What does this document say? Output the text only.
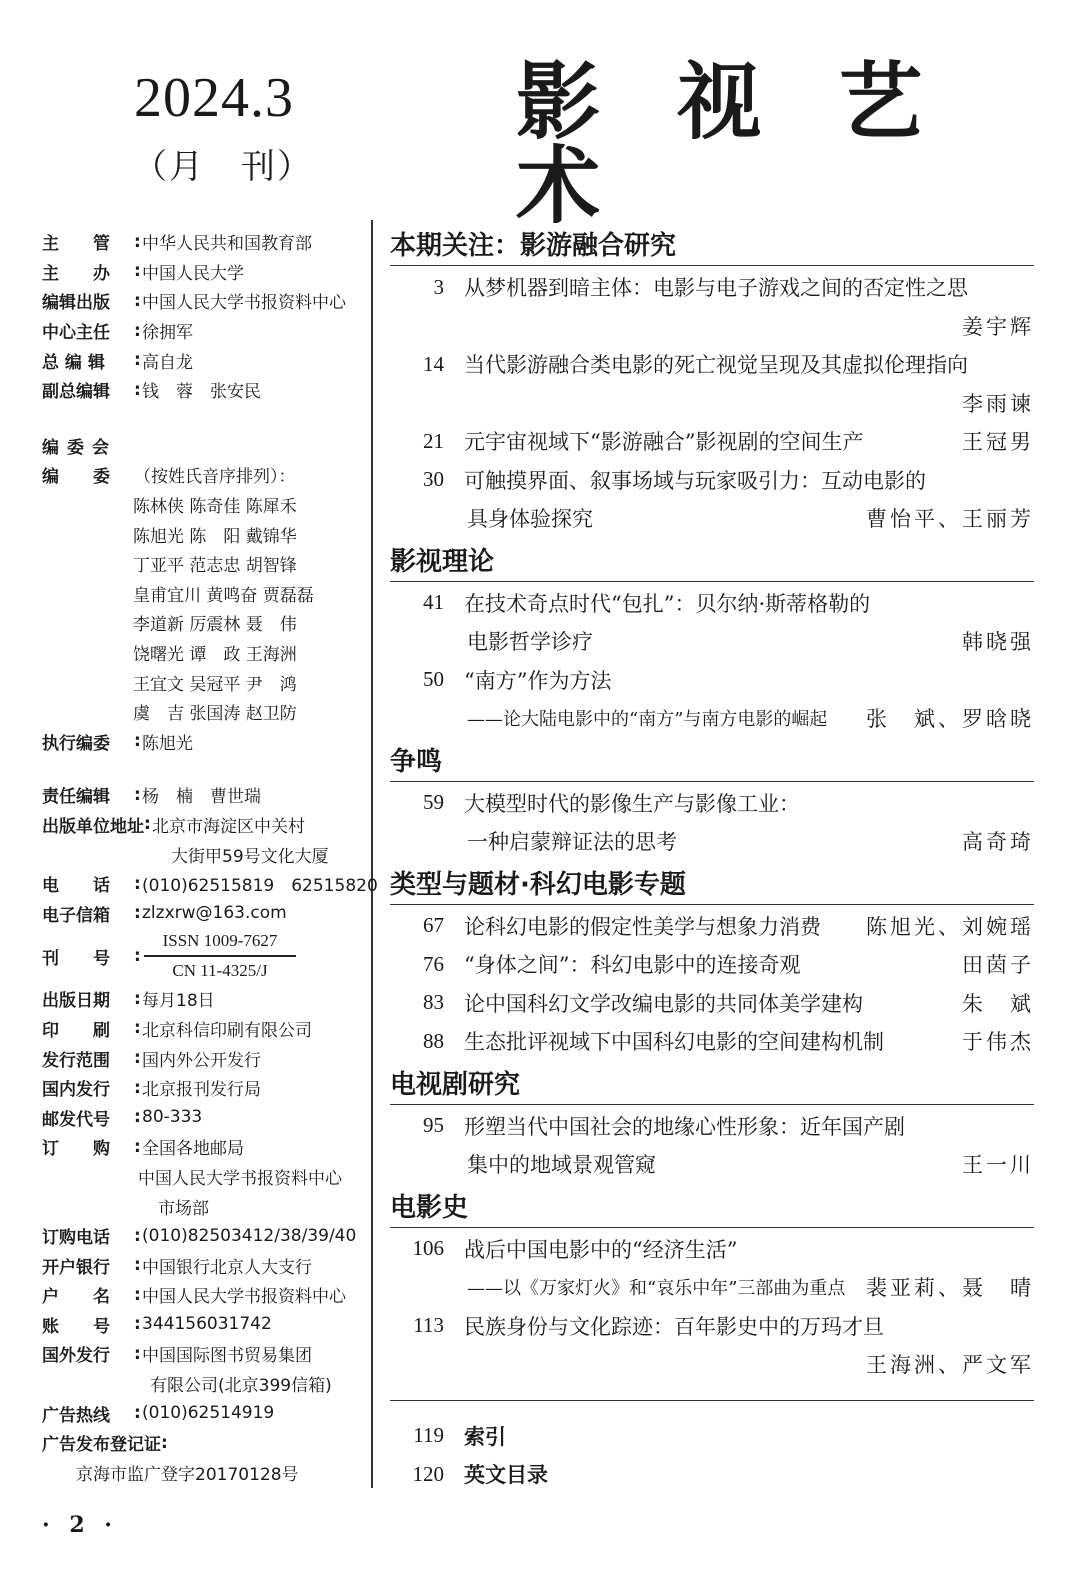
2024.3
（月　刊）
影 视 艺 术
主　　管	: 中华人民共和国教育部
主　　办	: 中国人民大学
编辑出版	: 中国人民大学书报资料中心
中心主任	: 徐拥军
总 编 辑	: 高自龙
副总编辑	: 钱　蓉　张安民
编委会
编　　委	（按姓氏音序排列）：
陈林侠 陈奇佳 陈犀禾
陈旭光 陈　阳 戴锦华
丁亚平 范志忠 胡智锋
皇甫宜川 黄鸣奋 贾磊磊
李道新 厉震林 聂　伟
饶曙光 谭　政 王海洲
王宜文 吴冠平 尹　鸿
虞　吉 张国涛 赵卫防
执行编委	: 陈旭光
责任编辑	: 杨　楠　曹世瑞
出版单位地址 : 北京市海淀区中关村
大街甲59号文化大厦
电　　话	: (010)62515819　62515820
电子信箱	: zlzxrw@163.com
刊　　号	:
ISSN 1009-7627
CN 11-4325/J
出版日期	: 每月18日
印　　刷	: 北京科信印刷有限公司
发行范围	: 国内外公开发行
国内发行	: 北京报刊发行局
邮发代号	: 80-333
订　　购	: 全国各地邮局
中国人民大学书报资料中心
市场部
订购电话	: (010)82503412/38/39/40
开户银行	: 中国银行北京人大支行
户　　名	: 中国人民大学书报资料中心
账　　号	: 344156031742
国外发行	: 中国国际图书贸易集团
有限公司(北京399信箱)
广告热线	: (010)62514919
广告发布登记证 :
京海市监广登字20170128号
· 2 ·
本期关注：影游融合研究
3 从梦机器到暗主体：电影与电子游戏之间的否定性之思
姜宇辉
14 当代影游融合类电影的死亡视觉呈现及其虚拟伦理指向
李雨谏
21 元宇宙视域下“影游融合”影视剧的空间生产	王冠男
30 可触摸界面、叙事场域与玩家吸引力：互动电影的
具身体验探究	曹怡平、王丽芳
影视理论
41 在技术奇点时代“包扎”：贝尔纳·斯蒂格勒的
电影哲学诊疗	韩晓强
50 “南方”作为方法
——论大陆电影中的“南方”与南方电影的崛起 张　斌、罗晗晓
争鸣
59 大模型时代的影像生产与影像工业：
一种启蒙辩证法的思考	高奇琦
类型与题材·科幻电影专题
67 论科幻电影的假定性美学与想象力消费 陈旭光、刘婉瑶
76 “身体之间”：科幻电影中的连接奇观	田茵子
83 论中国科幻文学改编电影的共同体美学建构	朱　斌
88 生态批评视域下中国科幻电影的空间建构机制	于伟杰
电视剧研究
95 形塑当代中国社会的地缘心性形象：近年国产剧
集中的地域景观管窥	王一川
电影史
106 战后中国电影中的“经济生活”
——以《万家灯火》和“哀乐中年”三部曲为重点 裴亚莉、聂　晴
113 民族身份与文化踪迹：百年影史中的万玛才旦
王海洲、严文军
119 索引
120 英文目录
